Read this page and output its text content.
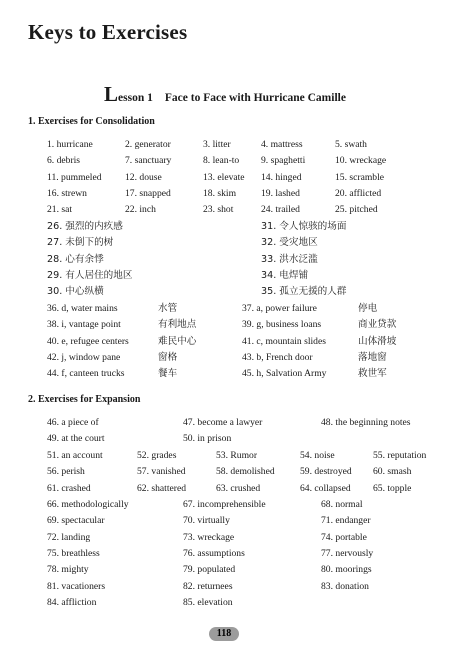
Keys to Exercises
Lesson 1 Face to Face with Hurricane Camille
1. Exercises for Consolidation
2. Exercises for Expansion
1. hurricane	2. generator	3. litter	4. mattress	5. swath
6. debris	7. sanctuary	8. lean-to 9. spaghetti	10. wreckage
11. pummeled 12. douse	13. elevate 14. hinged	15. scramble
16. strewn	17. snapped	18. skim	19. lashed	20. afflicted
21. sat	22. inch	23. shot	24. trailed	25. pitched
26. 强烈的内疚感	31. 令人惊骇的场面
27. 未倒下的树	32. 受灾地区
28. 心有余悸	33. 洪水泛滥
29. 有人居住的地区	34. 电焊铺
30. 中心纵横	35. 孤立无援的人群
36. d, water mains	水管	37. a, power failure	停电
38. i, vantage point	有利地点	39. g, business loans	商业贷款
40. e, refugee centers	难民中心	41. c, mountain slides	山体滑坡
42. j, window pane	窗格	43. b, French door	落地窗
44. f, canteen trucks	餐车	45. h, Salvation Army	救世军
46. a piece of	47. become a lawyer	48. the beginning notes
49. at the court	50. in prison
51. an account	52. grades	53. Rumor	54. noise	55. reputation
56. perish	57. vanished	58. demolished	59. destroyed 60. smash
61. crashed	62. shattered	63. crushed	64. collapsed 65. topple
66. methodologically	67. incomprehensible	68. normal
69. spectacular	70. virtually	71. endanger
72. landing	73. wreckage	74. portable
75. breathless	76. assumptions	77. nervously
78. mighty	79. populated	80. moorings
81. vacationers	82. returnees	83. donation
84. affliction	85. elevation
118
